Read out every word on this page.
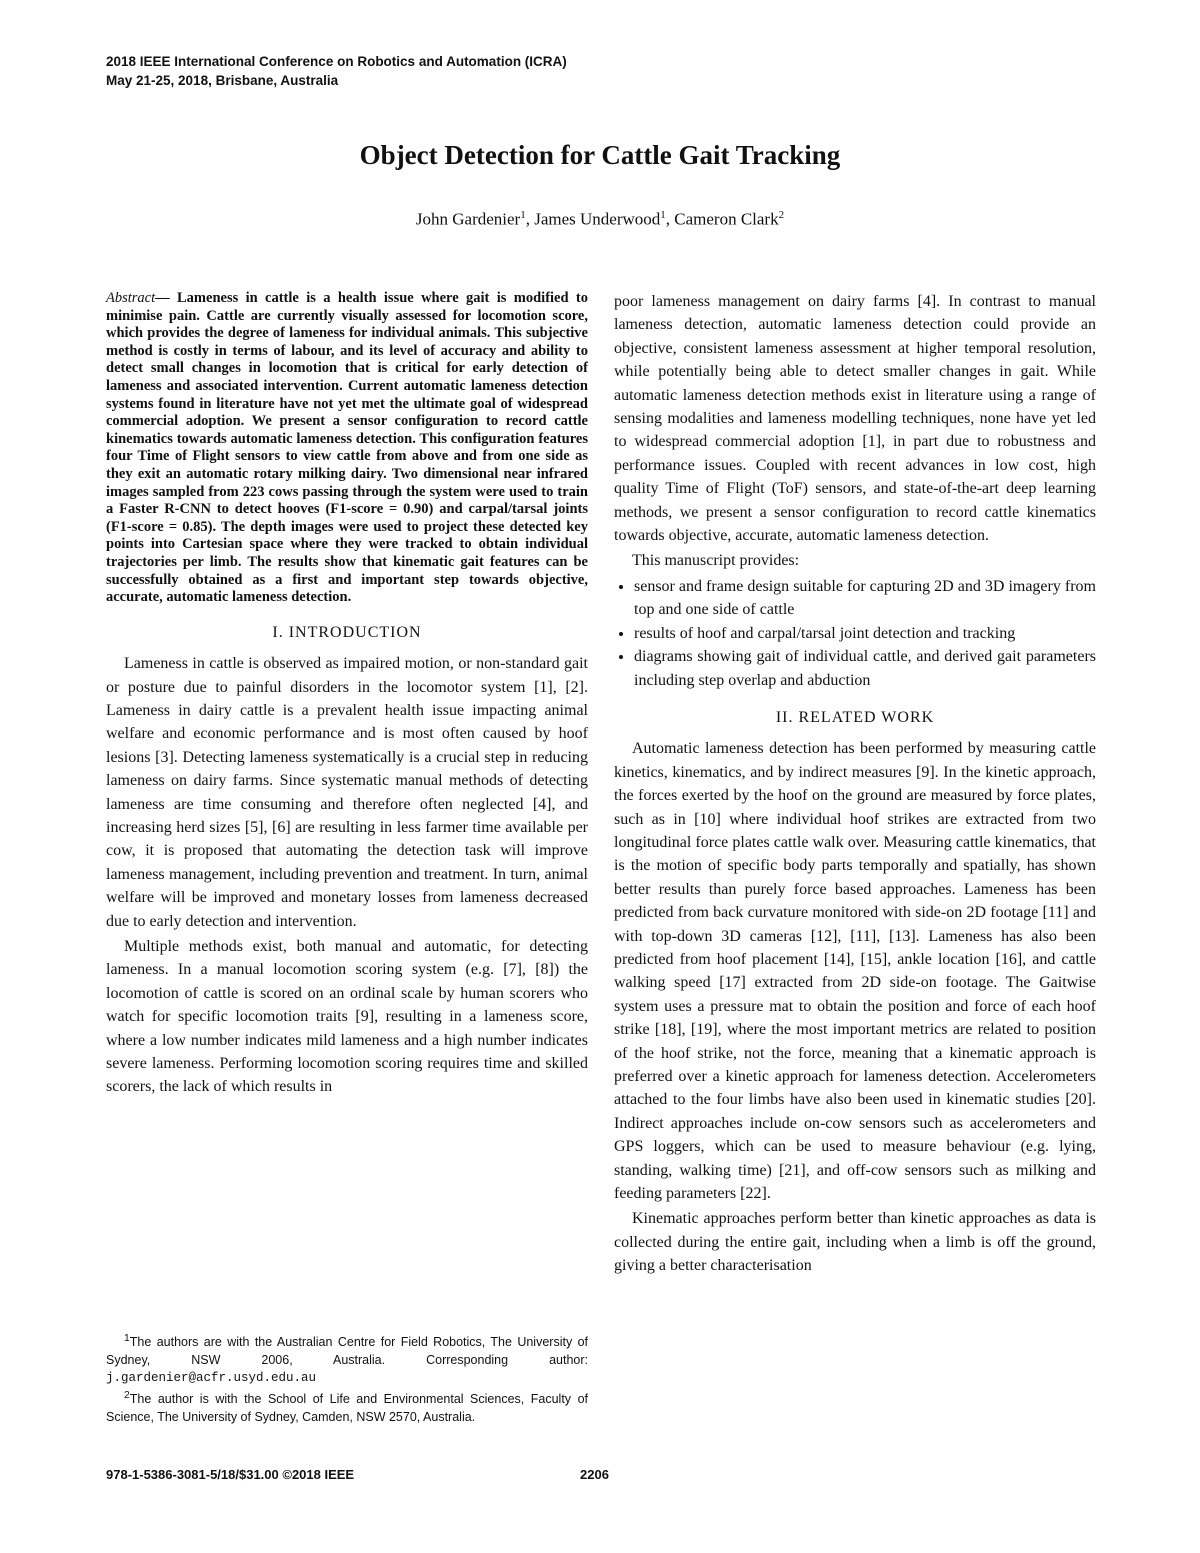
2018 IEEE International Conference on Robotics and Automation (ICRA)
May 21-25, 2018, Brisbane, Australia
Object Detection for Cattle Gait Tracking
John Gardenier$^1$, James Underwood$^1$, Cameron Clark$^2$

Abstract— Lameness in cattle is a health issue where gait is modified to minimise pain. Cattle are currently visually assessed for locomotion score, which provides the degree of lameness for individual animals. This subjective method is costly in terms of labour, and its level of accuracy and ability to detect small changes in locomotion that is critical for early detection of lameness and associated intervention. Current automatic lameness detection systems found in literature have not yet met the ultimate goal of widespread commercial adoption. We present a sensor configuration to record cattle kinematics towards automatic lameness detection. This configuration features four Time of Flight sensors to view cattle from above and from one side as they exit an automatic rotary milking dairy. Two dimensional near infrared images sampled from 223 cows passing through the system were used to train a Faster R-CNN to detect hooves (F1-score = 0.90) and carpal/tarsal joints (F1-score = 0.85). The depth images were used to project these detected key points into Cartesian space where they were tracked to obtain individual trajectories per limb. The results show that kinematic gait features can be successfully obtained as a first and important step towards objective, accurate, automatic lameness detection.

I. INTRODUCTION

Lameness in cattle is observed as impaired motion, or non-standard gait or posture due to painful disorders in the locomotor system [1], [2]. Lameness in dairy cattle is a prevalent health issue impacting animal welfare and economic performance and is most often caused by hoof lesions [3]. Detecting lameness systematically is a crucial step in reducing lameness on dairy farms. Since systematic manual methods of detecting lameness are time consuming and therefore often neglected [4], and increasing herd sizes [5], [6] are resulting in less farmer time available per cow, it is proposed that automating the detection task will improve lameness management, including prevention and treatment. In turn, animal welfare will be improved and monetary losses from lameness decreased due to early detection and intervention.

Multiple methods exist, both manual and automatic, for detecting lameness. In a manual locomotion scoring system (e.g. [7], [8]) the locomotion of cattle is scored on an ordinal scale by human scorers who watch for specific locomotion traits [9], resulting in a lameness score, where a low number indicates mild lameness and a high number indicates severe lameness. Performing locomotion scoring requires time and skilled scorers, the lack of which results in

$^1$The authors are with the Australian Centre for Field Robotics, The University of Sydney, NSW 2006, Australia. Corresponding author: j.gardenier@acfr.usyd.edu.au
$^2$The author is with the School of Life and Environmental Sciences, Faculty of Science, The University of Sydney, Camden, NSW 2570, Australia.

poor lameness management on dairy farms [4]. In contrast to manual lameness detection, automatic lameness detection could provide an objective, consistent lameness assessment at higher temporal resolution, while potentially being able to detect smaller changes in gait. While automatic lameness detection methods exist in literature using a range of sensing modalities and lameness modelling techniques, none have yet led to widespread commercial adoption [1], in part due to robustness and performance issues. Coupled with recent advances in low cost, high quality Time of Flight (ToF) sensors, and state-of-the-art deep learning methods, we present a sensor configuration to record cattle kinematics towards objective, accurate, automatic lameness detection.

This manuscript provides:

• sensor and frame design suitable for capturing 2D and 3D imagery from top and one side of cattle
• results of hoof and carpal/tarsal joint detection and tracking
• diagrams showing gait of individual cattle, and derived gait parameters including step overlap and abduction
II. RELATED WORK

Automatic lameness detection has been performed by measuring cattle kinetics, kinematics, and by indirect measures [9]. In the kinetic approach, the forces exerted by the hoof on the ground are measured by force plates, such as in [10] where individual hoof strikes are extracted from two longitudinal force plates cattle walk over. Measuring cattle kinematics, that is the motion of specific body parts temporally and spatially, has shown better results than purely force based approaches. Lameness has been predicted from back curvature monitored with side-on 2D footage [11] and with top-down 3D cameras [12], [11], [13]. Lameness has also been predicted from hoof placement [14], [15], ankle location [16], and cattle walking speed [17] extracted from 2D side-on footage. The Gaitwise system uses a pressure mat to obtain the position and force of each hoof strike [18], [19], where the most important metrics are related to position of the hoof strike, not the force, meaning that a kinematic approach is preferred over a kinetic approach for lameness detection. Accelerometers attached to the four limbs have also been used in kinematic studies [20]. Indirect approaches include on-cow sensors such as accelerometers and GPS loggers, which can be used to measure behaviour (e.g. lying, standing, walking time) [21], and off-cow sensors such as milking and feeding parameters [22].

Kinematic approaches perform better than kinetic approaches as data is collected during the entire gait, including when a limb is off the ground, giving a better characterisation

978-1-5386-3081-5/18/$31.00 ©2018 IEEE	2206
